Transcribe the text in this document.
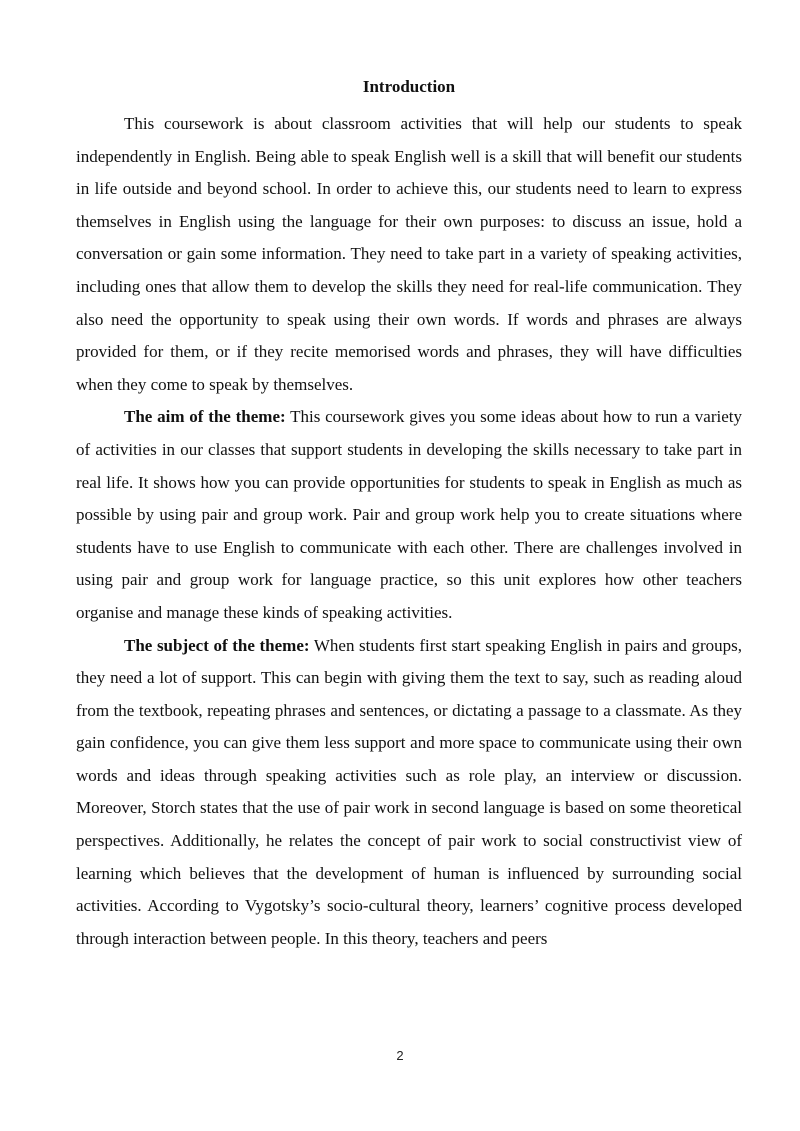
Introduction

This coursework is about classroom activities that will help our students to speak independently in English. Being able to speak English well is a skill that will benefit our students in life outside and beyond school. In order to achieve this, our students need to learn to express themselves in English using the language for their own purposes: to discuss an issue, hold a conversation or gain some information. They need to take part in a variety of speaking activities, including ones that allow them to develop the skills they need for real-life communication. They also need the opportunity to speak using their own words. If words and phrases are always provided for them, or if they recite memorised words and phrases, they will have difficulties when they come to speak by themselves.

The aim of the theme: This coursework gives you some ideas about how to run a variety of activities in our classes that support students in developing the skills necessary to take part in real life. It shows how you can provide opportunities for students to speak in English as much as possible by using pair and group work. Pair and group work help you to create situations where students have to use English to communicate with each other. There are challenges involved in using pair and group work for language practice, so this unit explores how other teachers organise and manage these kinds of speaking activities.

The subject of the theme: When students first start speaking English in pairs and groups, they need a lot of support. This can begin with giving them the text to say, such as reading aloud from the textbook, repeating phrases and sentences, or dictating a passage to a classmate. As they gain confidence, you can give them less support and more space to communicate using their own words and ideas through speaking activities such as role play, an interview or discussion. Moreover, Storch states that the use of pair work in second language is based on some theoretical perspectives. Additionally, he relates the concept of pair work to social constructivist view of learning which believes that the development of human is influenced by surrounding social activities. According to Vygotsky’s socio-cultural theory, learners’ cognitive process developed through interaction between people. In this theory, teachers and peers

2
